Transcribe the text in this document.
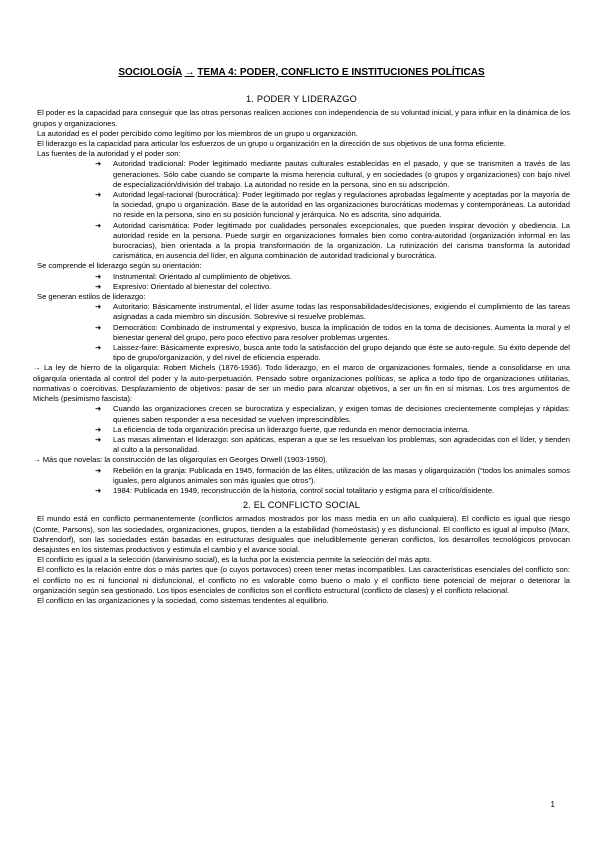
SOCIOLOGÍA → TEMA 4: PODER, CONFLICTO E INSTITUCIONES POLÍTICAS
1. PODER Y LIDERAZGO

El poder es la capacidad para conseguir que las otras personas realicen acciones con independencia de su voluntad inicial, y para influir en la dinámica de los grupos y organizaciones.

La autoridad es el poder percibido como legítimo por los miembros de un grupo u organización.

El liderazgo es la capacidad para articular los esfuerzos de un grupo u organización en la dirección de sus objetivos de una forma eficiente.

Las fuentes de la autoridad y el poder son:

➜ Autoridad tradicional: Poder legitimado mediante pautas culturales establecidas en el pasado, y que se transmiten a través de las generaciones. Sólo cabe cuando se comparte la misma herencia cultural, y en sociedades (o grupos y organizaciones) con bajo nivel de especialización/división del trabajo. La autoridad no reside en la persona, sino en su adscripción.
➜ Autoridad legal-racional (burocrática): Poder legitimado por reglas y regulaciones aprobadas legalmente y aceptadas por la mayoría de la sociedad, grupo u organización. Base de la autoridad en las organizaciones burocráticas modernas y contemporáneas. La autoridad no reside en la persona, sino en su posición funcional y jerárquica. No es adscrita, sino adquirida.
➜ Autoridad carismática: Poder legitimado por cualidades personales excepcionales, que pueden inspirar devoción y obediencia. La autoridad reside en la persona. Puede surgir en organizaciones formales bien como contra-autoridad (organización informal en las burocracias), bien orientada a la propia transformación de la organización. La rutinización del carisma transforma la autoridad carismática, en ausencia del líder, en alguna combinación de autoridad tradicional y burocrática.

Se comprende el liderazgo según su orientación:

➜ Instrumental: Orientado al cumplimiento de objetivos.
➜ Expresivo: Orientado al bienestar del colectivo.

Se generan estilos de liderazgo:

➜ Autoritario: Básicamente instrumental, el líder asume todas las responsabilidades/decisiones, exigiendo el cumplimiento de las tareas asignadas a cada miembro sin discusión. Sobrevive si resuelve problemas.
➜ Democrático: Combinado de instrumental y expresivo, busca la implicación de todos en la toma de decisiones. Aumenta la moral y el bienestar general del grupo, pero poco efectivo para resolver problemas urgentes.
➜ Laissez-faire: Básicamente expresivo, busca ante todo la satisfacción del grupo dejando que éste se auto-regule. Su éxito depende del tipo de grupo/organización, y del nivel de eficiencia esperado.

→ La ley de hierro de la oligarquía: Robert Michels (1876-1936). Todo liderazgo, en el marco de organizaciones formales, tiende a consolidarse en una oligarquía orientada al control del poder y la auto-perpetuación. Pensado sobre organizaciones políticas, se aplica a todo tipo de organizaciones utilitarias, normativas o coercitivas. Desplazamiento de objetivos: pasar de ser un medio para alcanzar objetivos, a ser un fin en sí mismas. Los tres argumentos de Michels (pesimismo fascista):

➜ Cuando las organizaciones crecen se burocratiza y especializan, y exigen tomas de decisiones crecientemente complejas y rápidas: quienes saben responder a esa necesidad se vuelven imprescindibles.
➜ La eficiencia de toda organización precisa un liderazgo fuerte, que redunda en menor democracia interna.
➜ Las masas alimentan el liderazgo: son apáticas, esperan a que se les resuelvan los problemas, son agradecidas con el líder, y tienden al culto a la personalidad.

→ Más que novelas: la construcción de las oligarquías en Georges Orwell (1903-1950).

➜ Rebelión en la granja: Publicada en 1945, formación de las élites, utilización de las masas y oligarquización (“todos los animales somos iguales, pero algunos animales son más iguales que otros”).
➜ 1984: Publicada en 1949, reconstrucción de la historia, control social totalitario y estigma para el crítico/disidente.
2. EL CONFLICTO SOCIAL

El mundo está en conflicto permanentemente (conflictos armados mostrados por los mass media en un año cualquiera). El conflicto es igual que riesgo (Comte, Parsons), son las sociedades, organizaciones, grupos, tienden a la estabilidad (homeóstasis) y es disfuncional. El conflicto es igual al impulso (Marx, Dahrendorf), son las sociedades están basadas en estructuras desiguales que ineludiblemente generan conflictos, los desarrollos tecnológicos provocan desajustes en los sistemas productivos y estimula el cambio y el avance social.

El conflicto es igual a la selección (darwinismo social), es la lucha por la existencia permite la selección del más apto.

El conflicto es la relación entre dos o más partes que (o cuyos portavoces) creen tener metas incompatibles. Las características esenciales del conflicto son: el conflicto no es ni funcional ni disfuncional, el conflicto no es valorable como bueno o malo y el conflicto tiene potencial de mejorar o deteriorar la organización según sea gestionado. Los tipos esenciales de conflictos son el conflicto estructural (conflicto de clases) y el conflicto relacional.

El conflicto en las organizaciones y la sociedad, como sistemas tendentes al equilibrio.

1
